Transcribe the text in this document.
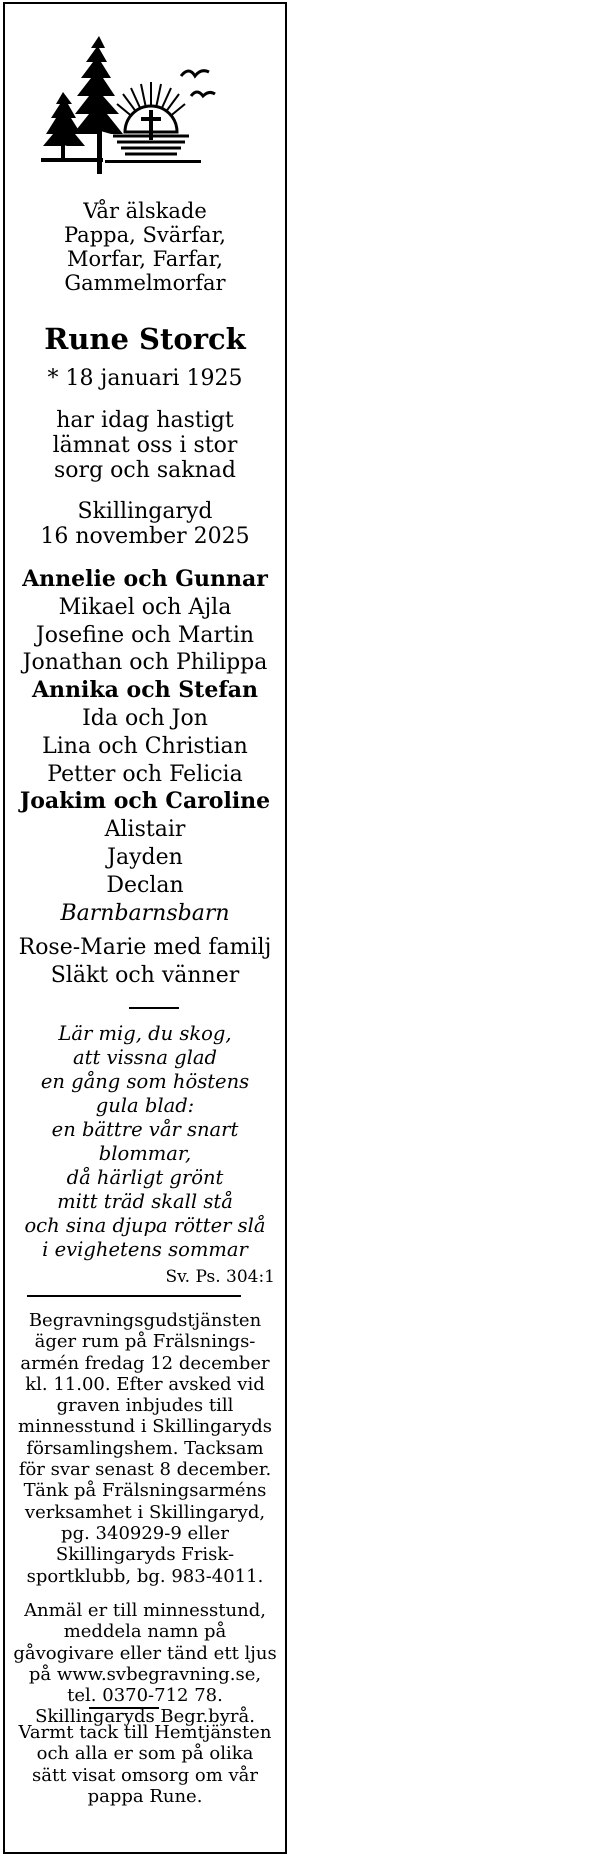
Vår älskade
Pappa, Svärfar,
Morfar, Farfar,
Gammelmorfar
Rune Storck
* 18 januari 1925
har idag hastigt
lämnat oss i stor
sorg och saknad
Skillingaryd
16 november 2025
Annelie och Gunnar
Mikael och Ajla
Josefine och Martin
Jonathan och Philippa
Annika och Stefan
Ida och Jon
Lina och Christian
Petter och Felicia
Joakim och Caroline
Alistair
Jayden
Declan
Barnbarnsbarn
Rose-Marie med familj
Släkt och vänner
Lär mig, du skog,
att vissna glad
en gång som höstens
gula blad:
en bättre vår snart
blommar,
då härligt grönt
mitt träd skall stå
och sina djupa rötter slå
i evighetens sommar
Sv. Ps. 304:1
Begravningsgudstjänsten
äger rum på Frälsnings-
armén fredag 12 december
kl. 11.00. Efter avsked vid
graven inbjudes till
minnesstund i Skillingaryds
församlingshem. Tacksam
för svar senast 8 december.
Tänk på Frälsningsarméns
verksamhet i Skillingaryd,
pg. 340929-9 eller
Skillingaryds Frisk-
sportklubb, bg. 983-4011.
Anmäl er till minnesstund,
meddela namn på
gåvogivare eller tänd ett ljus
på www.svbegravning.se,
tel. 0370-712 78.
Skillingaryds Begr.byrå.
Varmt tack till Hemtjänsten
och alla er som på olika
sätt visat omsorg om vår
pappa Rune.
